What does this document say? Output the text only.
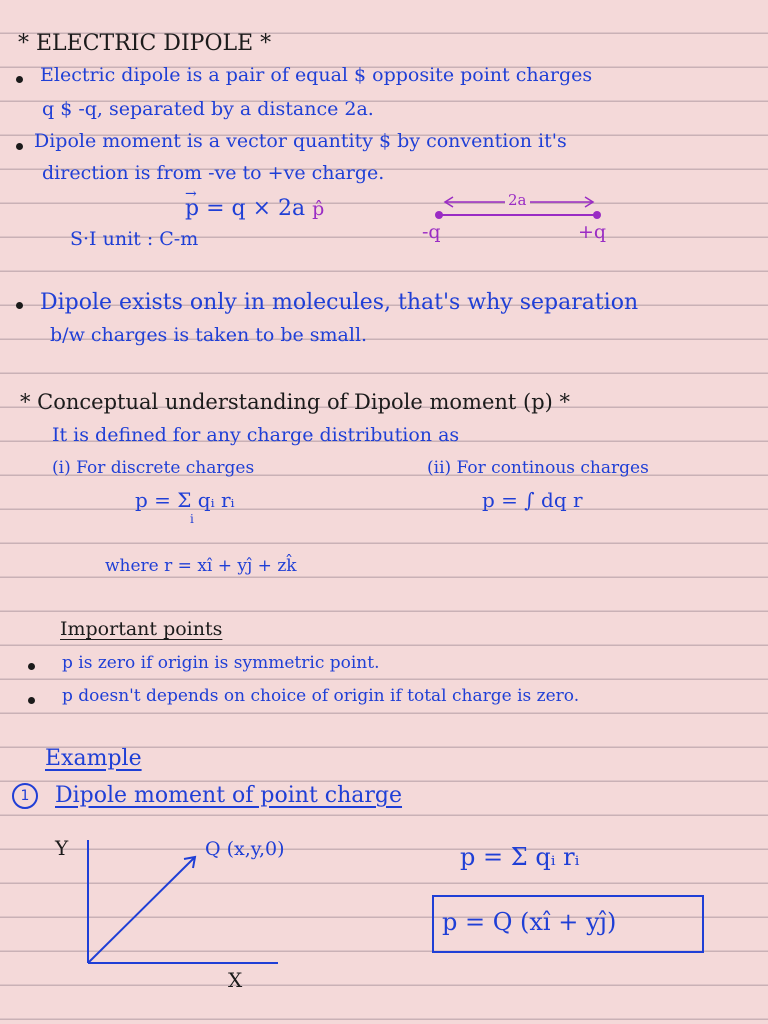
* ELECTRIC DIPOLE *
Electric dipole is a pair of equal $ opposite point charges
q $ -q, separated by a distance 2a.
Dipole moment is a vector quantity $ by convention it's
direction is from -ve to +ve charge.
→ p = q × 2a p̂
S·I unit : C-m
2a
-q	+q
Dipole exists only in molecules, that's why separation
b/w charges is taken to be small.
* Conceptual understanding of Dipole moment (p) *
It is defined for any charge distribution as
(i) For discrete charges	(ii) For continous charges
p = Σ qᵢ rᵢ
i
p = ∫ dq r
where r = xî + yĵ + zk̂
Important points
p is zero if origin is symmetric point.
p doesn't depends on choice of origin if total charge is zero.
Example
1	Dipole moment of point charge
Y
X
Q (x,y,0)	p = Σ qᵢ rᵢ
p = Q (xî + yĵ)
